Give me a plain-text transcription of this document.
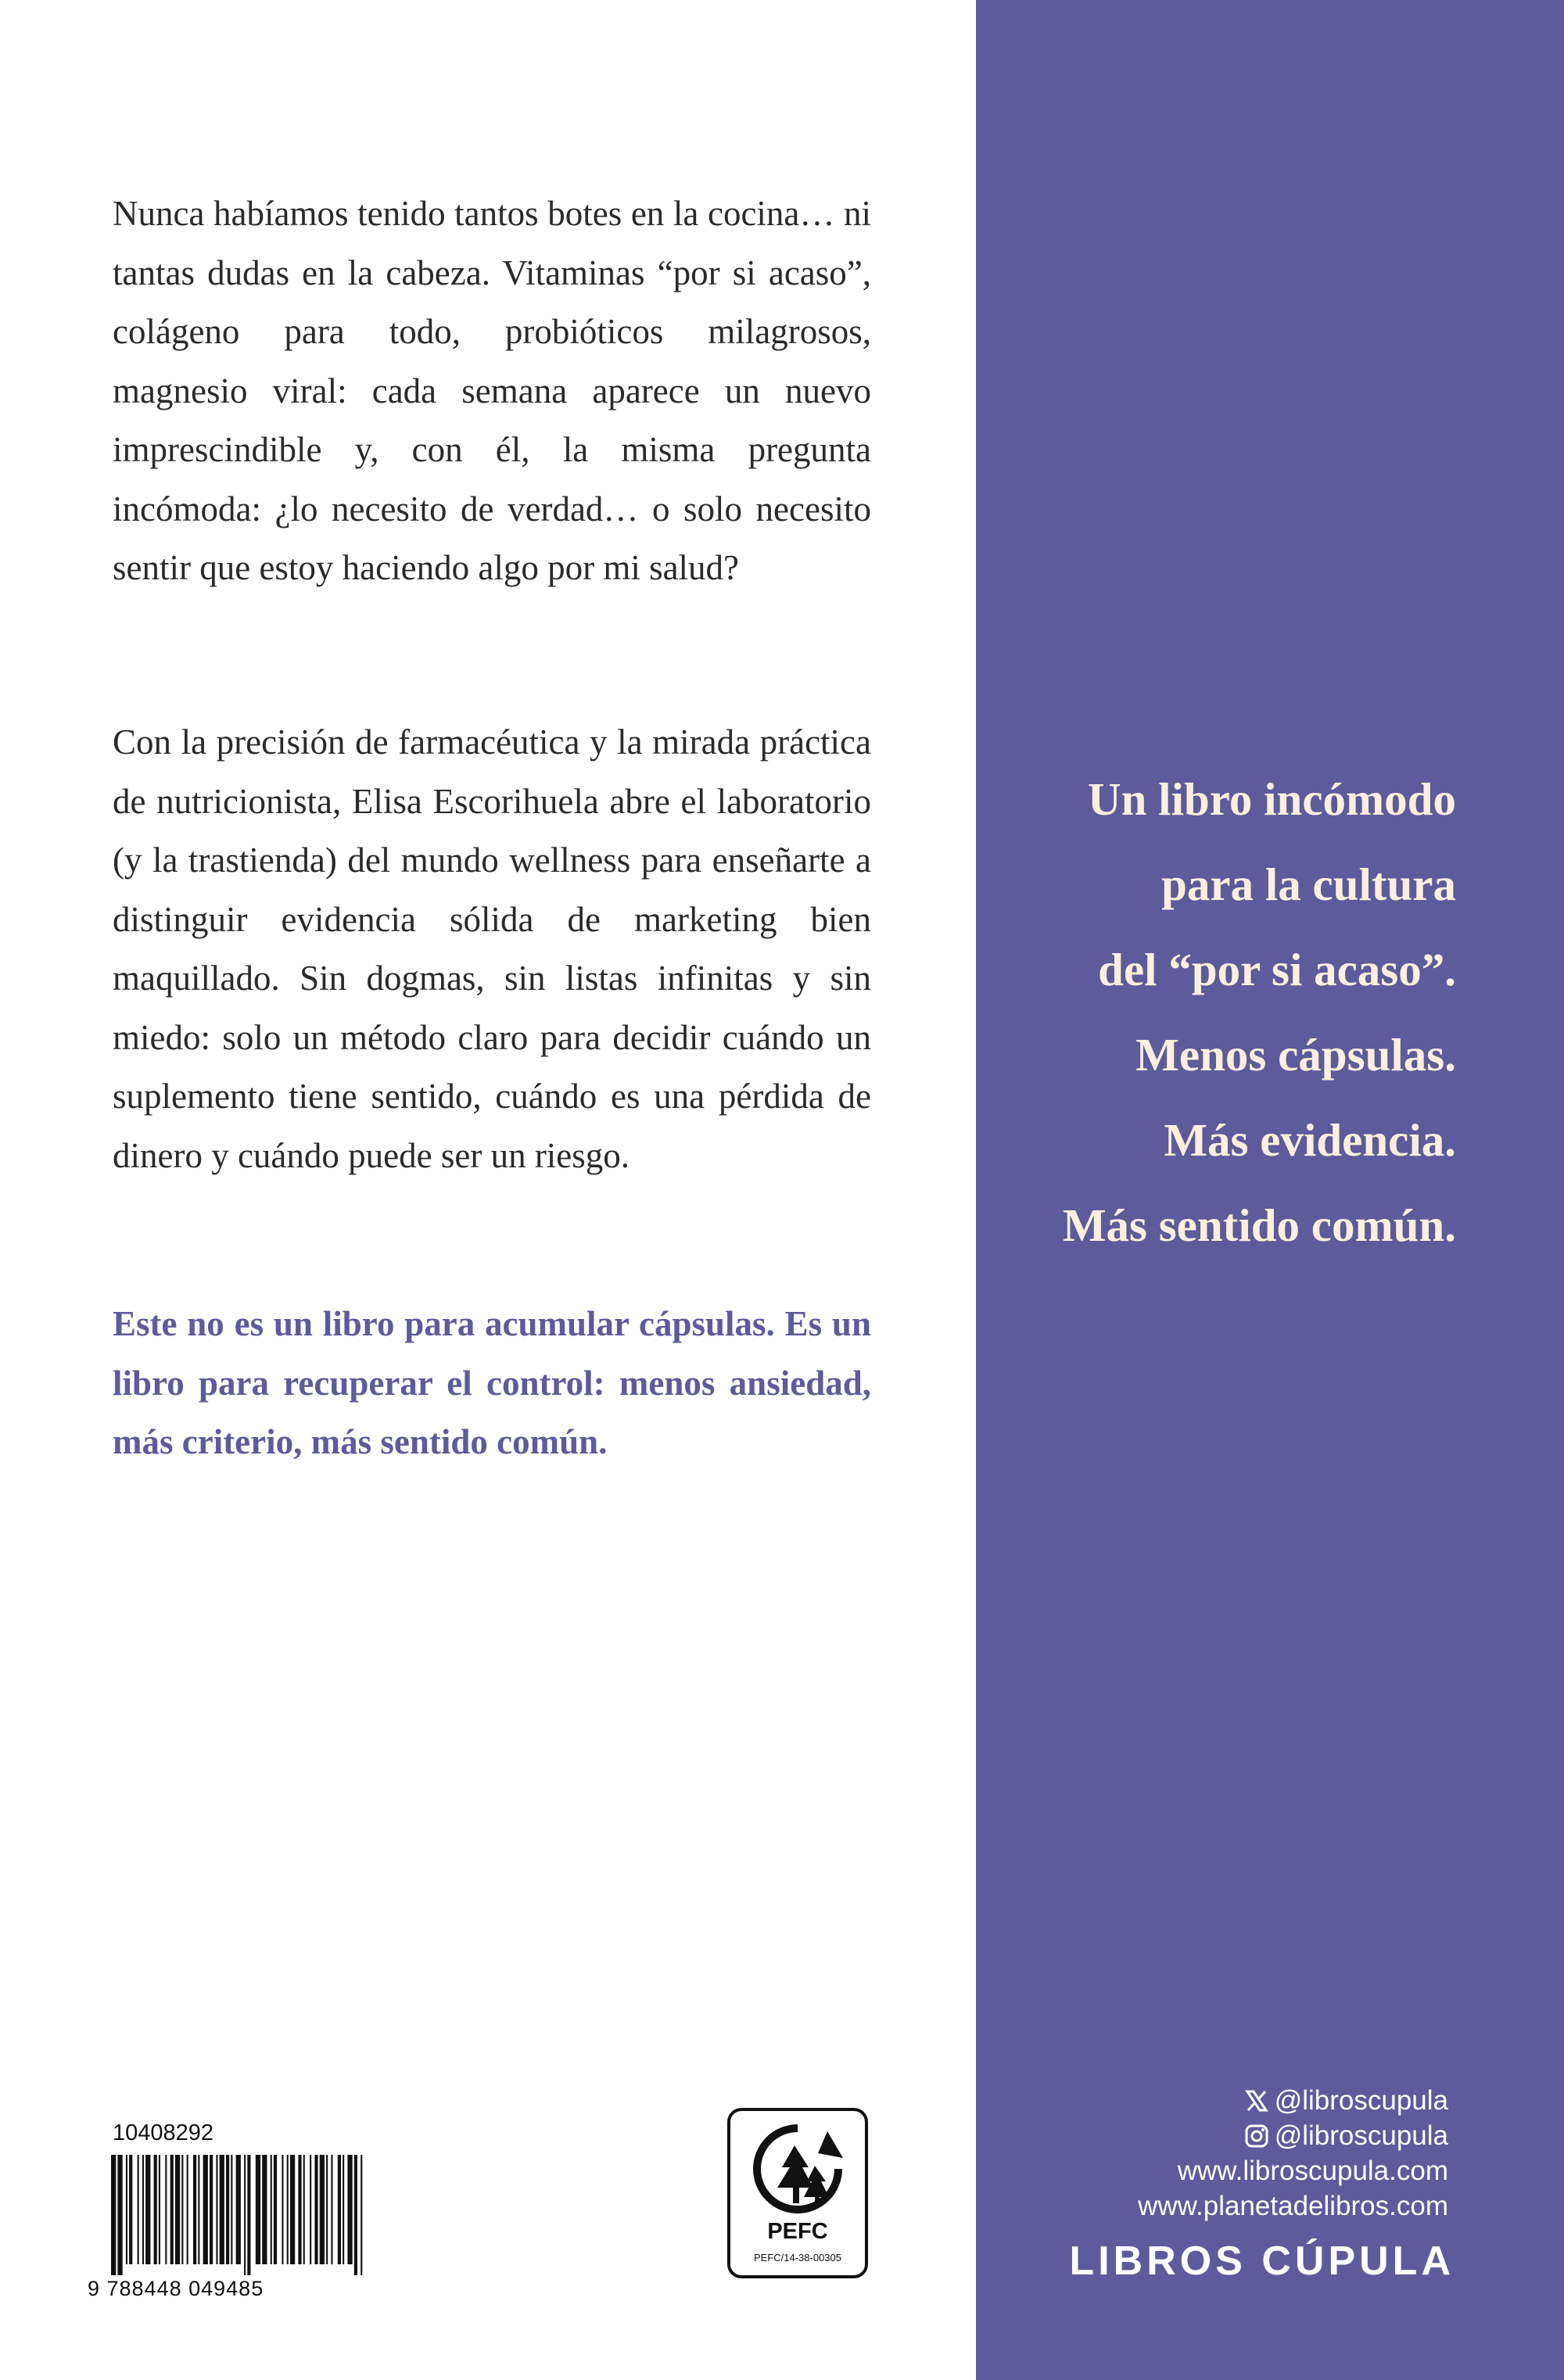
Nunca habíamos tenido tantos botes en la cocina… ni tantas dudas en la cabeza. Vitaminas “por si acaso”, colágeno para todo, probióticos milagrosos, magnesio viral: cada semana aparece un nuevo imprescindible y, con él, la misma pregunta incómoda: ¿lo necesito de verdad… o solo necesito sentir que estoy haciendo algo por mi salud?

Con la precisión de farmacéutica y la mirada práctica de nutricionista, Elisa Escorihuela abre el laboratorio (y la trastienda) del mundo wellness para enseñarte a distinguir evidencia sólida de marketing bien maquillado. Sin dogmas, sin listas infinitas y sin miedo: solo un método claro para decidir cuándo un suplemento tiene sentido, cuándo es una pérdida de dinero y cuándo puede ser un riesgo.

Este no es un libro para acumular cápsulas. Es un libro para recuperar el control: menos ansiedad, más criterio, más sentido común.
10408292
9 788448 049485
PEFC
PEFC/14-38-00305
Un libro incómodo
para la cultura
del “por si acaso”.
Menos cápsulas.
Más evidencia.
Más sentido común.
@libroscupula
@libroscupula
www.libroscupula.com
www.planetadelibros.com
LIBROS CÚPULA
